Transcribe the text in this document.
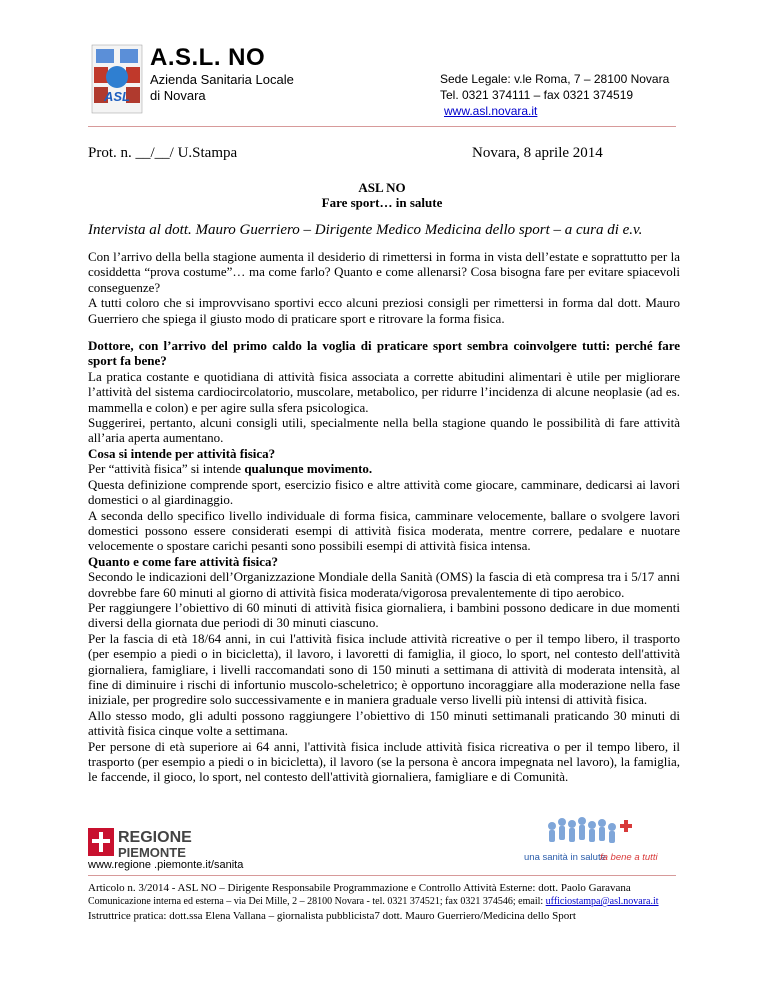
ASL
A.S.L. NO
Azienda Sanitaria Locale
di Novara
Sede Legale: v.le Roma, 7 – 28100 Novara
Tel. 0321 374111 – fax 0321 374519
www.asl.novara.it
Prot. n. __/__/ U.Stampa	Novara, 8 aprile 2014
ASL NO
Fare sport… in salute
Intervista al dott. Mauro Guerriero – Dirigente Medico Medicina dello sport – a cura di e.v.

Con l’arrivo della bella stagione aumenta il desiderio di rimettersi in forma in vista dell’estate e soprattutto per la cosiddetta “prova costume”… ma come farlo? Quanto e come allenarsi? Cosa bisogna fare per evitare spiacevoli conseguenze?

A tutti coloro che si improvvisano sportivi ecco alcuni preziosi consigli per rimettersi in forma dal dott. Mauro Guerriero che spiega il giusto modo di praticare sport e ritrovare la forma fisica.

Dottore, con l’arrivo del primo caldo la voglia di praticare sport sembra coinvolgere tutti: perché fare sport fa bene?

La pratica costante e quotidiana di attività fisica associata a corrette abitudini alimentari è utile per migliorare l’attività del sistema cardiocircolatorio, muscolare, metabolico, per ridurre l’incidenza di alcune neoplasie (ad es. mammella e colon) e per agire sulla sfera psicologica.

Suggerirei, pertanto, alcuni consigli utili, specialmente nella bella stagione quando le possibilità di fare attività all’aria aperta aumentano.

Cosa si intende per attività fisica?

Per “attività fisica” si intende qualunque movimento.

Questa definizione comprende sport, esercizio fisico e altre attività come giocare, camminare, dedicarsi ai lavori domestici o al giardinaggio.

A seconda dello specifico livello individuale di forma fisica, camminare velocemente, ballare o svolgere lavori domestici possono essere considerati esempi di attività fisica moderata, mentre correre, pedalare e nuotare velocemente o spostare carichi pesanti sono possibili esempi di attività fisica intensa.

Quanto e come fare attività fisica?

Secondo le indicazioni dell’Organizzazione Mondiale della Sanità (OMS) la fascia di età compresa tra i 5/17 anni dovrebbe fare 60 minuti al giorno di attività fisica moderata/vigorosa prevalentemente di tipo aerobico.

Per raggiungere l’obiettivo di 60 minuti di attività fisica giornaliera, i bambini possono dedicare in due momenti diversi della giornata due periodi di 30 minuti ciascuno.

Per la fascia di età 18/64 anni, in cui l'attività fisica include attività ricreative o per il tempo libero, il trasporto (per esempio a piedi o in bicicletta), il lavoro, i lavoretti di famiglia, il gioco, lo sport, nel contesto dell'attività giornaliera, famigliare, i livelli raccomandati sono di 150 minuti a settimana di attività di moderata intensità, al fine di diminuire i rischi di infortunio muscolo-scheletrico; è opportuno incoraggiare alla moderazione nella fase iniziale, per progredire solo successivamente e in maniera graduale verso livelli più intensi di attività fisica.

Allo stesso modo, gli adulti possono raggiungere l’obiettivo di 150 minuti settimanali praticando 30 minuti di attività fisica cinque volte a settimana.

Per persone di età superiore ai 64 anni, l'attività fisica include attività fisica ricreativa o per il tempo libero, il trasporto (per esempio a piedi o in bicicletta), il lavoro (se la persona è ancora impegnata nel lavoro), la famiglia, le faccende, il gioco, lo sport, nel contesto dell'attività giornaliera, famigliare e di Comunità.

REGIONE
PIEMONTE
www.regione .piemonte.it/sanita
una sanità in salute
fa bene a tutti
Articolo n. 3/2014 - ASL NO – Dirigente Responsabile Programmazione e Controllo Attività Esterne: dott. Paolo Garavana
Comunicazione interna ed esterna – via Dei Mille, 2 – 28100 Novara - tel. 0321 374521; fax 0321 374546; email: ufficiostampa@asl.novara.it
Istruttrice pratica: dott.ssa Elena Vallana – giornalista pubblicista7 dott. Mauro Guerriero/Medicina dello Sport
